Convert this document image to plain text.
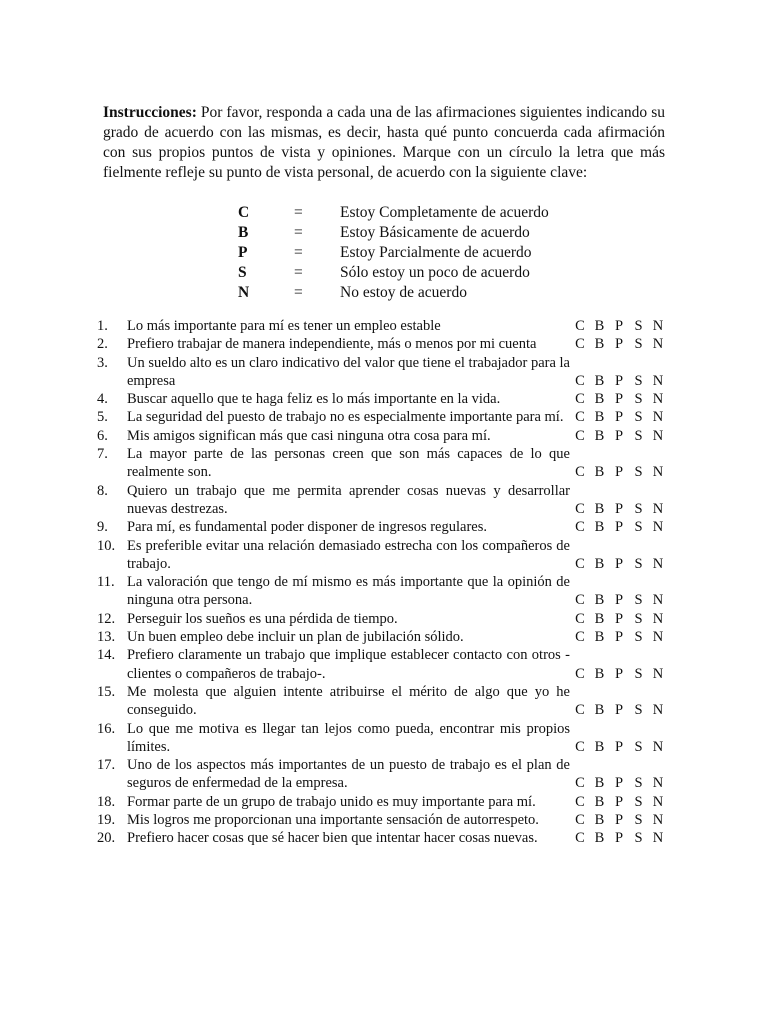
Instrucciones: Por favor, responda a cada una de las afirmaciones siguientes indicando su grado de acuerdo con las mismas, es decir, hasta qué punto concuerda cada afirmación con sus propios puntos de vista y opiniones. Marque con un círculo la letra que más fielmente refleje su punto de vista personal, de acuerdo con la siguiente clave:

C	= Estoy Completamente de acuerdo
B	= Estoy Básicamente de acuerdo
P	= Estoy Parcialmente de acuerdo
S	= Sólo estoy un poco de acuerdo
N	= No estoy de acuerdo
1.	Lo más importante para mí es tener un empleo estable	C B P S N
2.	Prefiero trabajar de manera independiente, más o menos por mi cuenta	C B P S N
3.	Un sueldo alto es un claro indicativo del valor que tiene el trabajador para la empresa	C B P S N
4.	Buscar aquello que te haga feliz es lo más importante en la vida.	C B P S N
5.	La seguridad del puesto de trabajo no es especialmente importante para mí. C B P S N
6.	Mis amigos significan más que casi ninguna otra cosa para mí.	C B P S N
7.	La mayor parte de las personas creen que son más capaces de lo que realmente son.	C B P S N
8.	Quiero un trabajo que me permita aprender cosas nuevas y desarrollar nuevas destrezas.	C B P S N
9.	Para mí, es fundamental poder disponer de ingresos regulares.	C B P S N
10. Es preferible evitar una relación demasiado estrecha con los compañeros de trabajo.	C B P S N
11. La valoración que tengo de mí mismo es más importante que la opinión de ninguna otra persona.	C B P S N
12. Perseguir los sueños es una pérdida de tiempo.	C B P S N
13. Un buen empleo debe incluir un plan de jubilación sólido.	C B P S N
14. Prefiero claramente un trabajo que implique establecer contacto con otros - clientes o compañeros de trabajo-.	C B P S N
15. Me molesta que alguien intente atribuirse el mérito de algo que yo he conseguido.	C B P S N
16. Lo que me motiva es llegar tan lejos como pueda, encontrar mis propios límites.	C B P S N
17. Uno de los aspectos más importantes de un puesto de trabajo es el plan de seguros de enfermedad de la empresa.	C B P S N
18. Formar parte de un grupo de trabajo unido es muy importante para mí.	C B P S N
19. Mis logros me proporcionan una importante sensación de autorrespeto. C B P S N
20. Prefiero hacer cosas que sé hacer bien que intentar hacer cosas nuevas.	C B P S N
